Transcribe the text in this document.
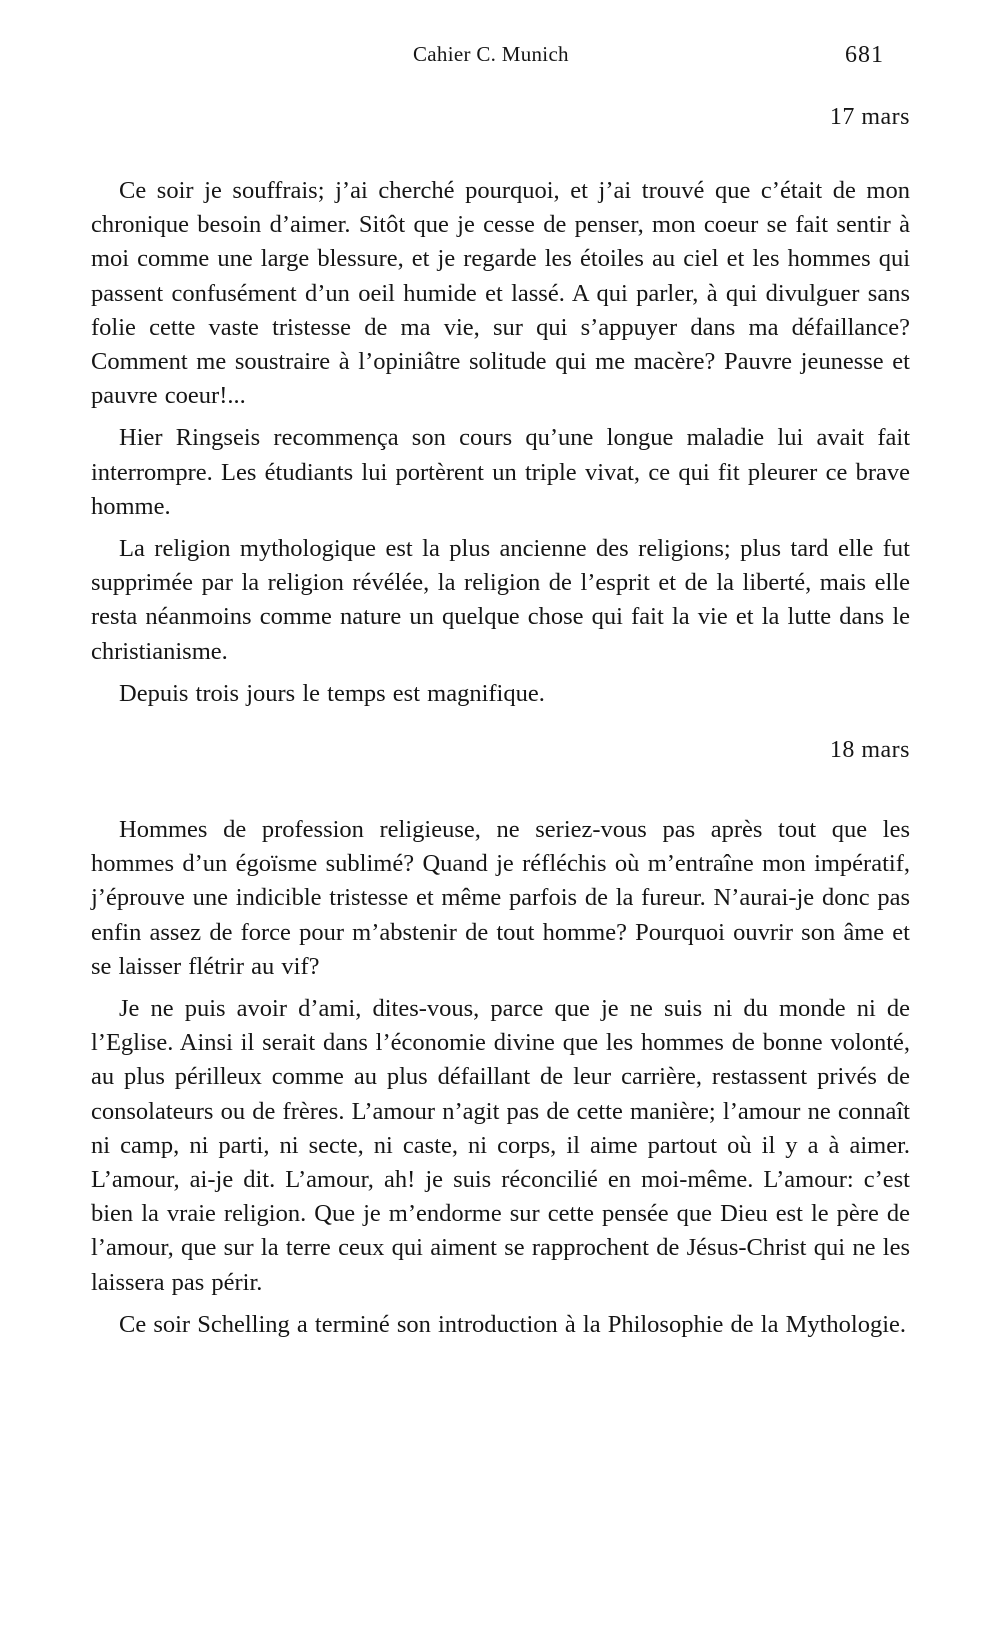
Cahier C. Munich	681
17 mars

Ce soir je souffrais; j’ai cherché pourquoi, et j’ai trouvé que c’était de mon chronique besoin d’aimer. Sitôt que je cesse de penser, mon coeur se fait sentir à moi comme une large blessure, et je regarde les étoiles au ciel et les hommes qui passent confusément d’un oeil humide et lassé. A qui parler, à qui divulguer sans folie cette vaste tristesse de ma vie, sur qui s’appuyer dans ma défaillance? Comment me soustraire à l’opiniâtre solitude qui me macère? Pauvre jeunesse et pauvre coeur!...

Hier Ringseis recommença son cours qu’une longue maladie lui avait fait interrompre. Les étudiants lui portèrent un triple vivat, ce qui fit pleurer ce brave homme.

La religion mythologique est la plus ancienne des religions; plus tard elle fut supprimée par la religion révélée, la religion de l’esprit et de la liberté, mais elle resta néanmoins comme nature un quelque chose qui fait la vie et la lutte dans le christianisme.

Depuis trois jours le temps est magnifique.

18 mars

Hommes de profession religieuse, ne seriez-vous pas après tout que les hommes d’un égoïsme sublimé? Quand je réfléchis où m’entraîne mon impératif, j’éprouve une indicible tristesse et même parfois de la fureur. N’aurai-je donc pas enfin assez de force pour m’abstenir de tout homme? Pourquoi ouvrir son âme et se laisser flétrir au vif?

Je ne puis avoir d’ami, dites-vous, parce que je ne suis ni du monde ni de l’Eglise. Ainsi il serait dans l’économie divine que les hommes de bonne volonté, au plus périlleux comme au plus défaillant de leur carrière, restassent privés de consolateurs ou de frères. L’amour n’agit pas de cette manière; l’amour ne connaît ni camp, ni parti, ni secte, ni caste, ni corps, il aime partout où il y a à aimer. L’amour, ai-je dit. L’amour, ah! je suis réconcilié en moi-même. L’amour: c’est bien la vraie religion. Que je m’endorme sur cette pensée que Dieu est le père de l’amour, que sur la terre ceux qui aiment se rapprochent de Jésus-Christ qui ne les laissera pas périr.

Ce soir Schelling a terminé son introduction à la Philosophie de la Mythologie.
